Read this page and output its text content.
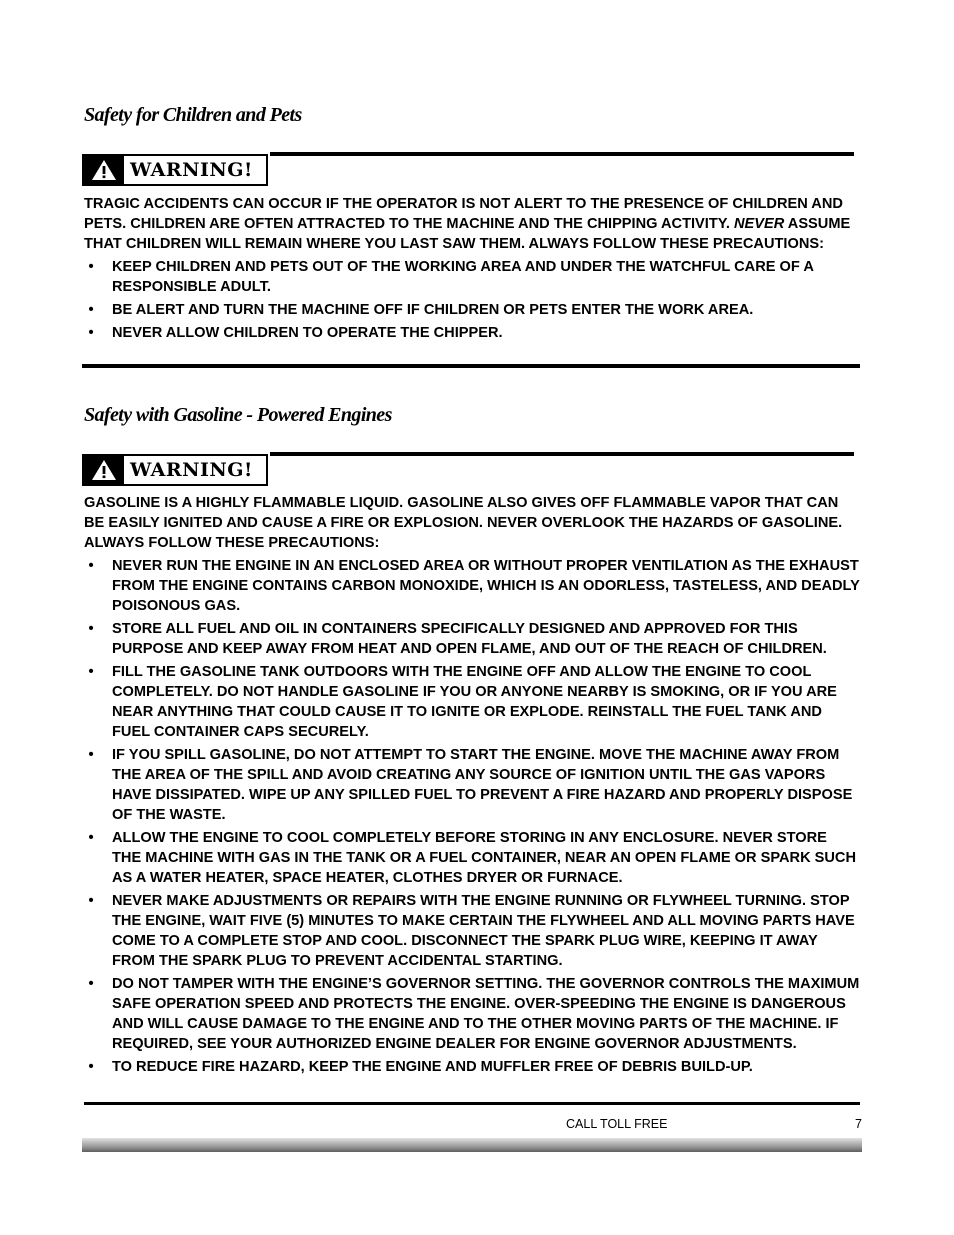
Safety for Children and Pets
WARNING!

TRAGIC ACCIDENTS CAN OCCUR IF THE OPERATOR IS NOT ALERT TO THE PRESENCE OF CHILDREN AND PETS. CHILDREN ARE OFTEN ATTRACTED TO THE MACHINE AND THE CHIPPING ACTIVITY. NEVER ASSUME THAT CHILDREN WILL REMAIN WHERE YOU LAST SAW THEM. ALWAYS FOLLOW THESE PRECAUTIONS:

•	KEEP CHILDREN AND PETS OUT OF THE WORKING AREA AND UNDER THE WATCHFUL CARE OF A RESPONSIBLE ADULT.
•	BE ALERT AND TURN THE MACHINE OFF IF CHILDREN OR PETS ENTER THE WORK AREA.
•	NEVER ALLOW CHILDREN TO OPERATE THE CHIPPER.
Safety with Gasoline - Powered Engines
WARNING!

GASOLINE IS A HIGHLY FLAMMABLE LIQUID. GASOLINE ALSO GIVES OFF FLAMMABLE VAPOR THAT CAN BE EASILY IGNITED AND CAUSE A FIRE OR EXPLOSION. NEVER OVERLOOK THE HAZARDS OF GASOLINE. ALWAYS FOLLOW THESE PRECAUTIONS:

•	NEVER RUN THE ENGINE IN AN ENCLOSED AREA OR WITHOUT PROPER VENTILATION AS THE EXHAUST FROM THE ENGINE CONTAINS CARBON MONOXIDE, WHICH IS AN ODORLESS, TASTELESS, AND DEADLY POISONOUS GAS.
•	STORE ALL FUEL AND OIL IN CONTAINERS SPECIFICALLY DESIGNED AND APPROVED FOR THIS PURPOSE AND KEEP AWAY FROM HEAT AND OPEN FLAME, AND OUT OF THE REACH OF CHILDREN.
•	FILL THE GASOLINE TANK OUTDOORS WITH THE ENGINE OFF AND ALLOW THE ENGINE TO COOL COMPLETELY. DO NOT HANDLE GASOLINE IF YOU OR ANYONE NEARBY IS SMOKING, OR IF YOU ARE NEAR ANYTHING THAT COULD CAUSE IT TO IGNITE OR EXPLODE. REINSTALL THE FUEL TANK AND FUEL CONTAINER CAPS SECURELY.
•	IF YOU SPILL GASOLINE, DO NOT ATTEMPT TO START THE ENGINE. MOVE THE MACHINE AWAY FROM THE AREA OF THE SPILL AND AVOID CREATING ANY SOURCE OF IGNITION UNTIL THE GAS VAPORS HAVE DISSIPATED. WIPE UP ANY SPILLED FUEL TO PREVENT A FIRE HAZARD AND PROPERLY DISPOSE OF THE WASTE.
•	ALLOW THE ENGINE TO COOL COMPLETELY BEFORE STORING IN ANY ENCLOSURE. NEVER STORE THE MACHINE WITH GAS IN THE TANK OR A FUEL CONTAINER, NEAR AN OPEN FLAME OR SPARK SUCH AS A WATER HEATER, SPACE HEATER, CLOTHES DRYER OR FURNACE.
•	NEVER MAKE ADJUSTMENTS OR REPAIRS WITH THE ENGINE RUNNING OR FLYWHEEL TURNING. STOP THE ENGINE, WAIT FIVE (5) MINUTES TO MAKE CERTAIN THE FLYWHEEL AND ALL MOVING PARTS HAVE COME TO A COMPLETE STOP AND COOL. DISCONNECT THE SPARK PLUG WIRE, KEEPING IT AWAY FROM THE SPARK PLUG TO PREVENT ACCIDENTAL STARTING.
•	DO NOT TAMPER WITH THE ENGINE’S GOVERNOR SETTING. THE GOVERNOR CONTROLS THE MAXIMUM SAFE OPERATION SPEED AND PROTECTS THE ENGINE. OVER-SPEEDING THE ENGINE IS DANGEROUS AND WILL CAUSE DAMAGE TO THE ENGINE AND TO THE OTHER MOVING PARTS OF THE MACHINE. IF REQUIRED, SEE YOUR AUTHORIZED ENGINE DEALER FOR ENGINE GOVERNOR ADJUSTMENTS.
•	TO REDUCE FIRE HAZARD, KEEP THE ENGINE AND MUFFLER FREE OF DEBRIS BUILD-UP.
CALL TOLL FREE	7
